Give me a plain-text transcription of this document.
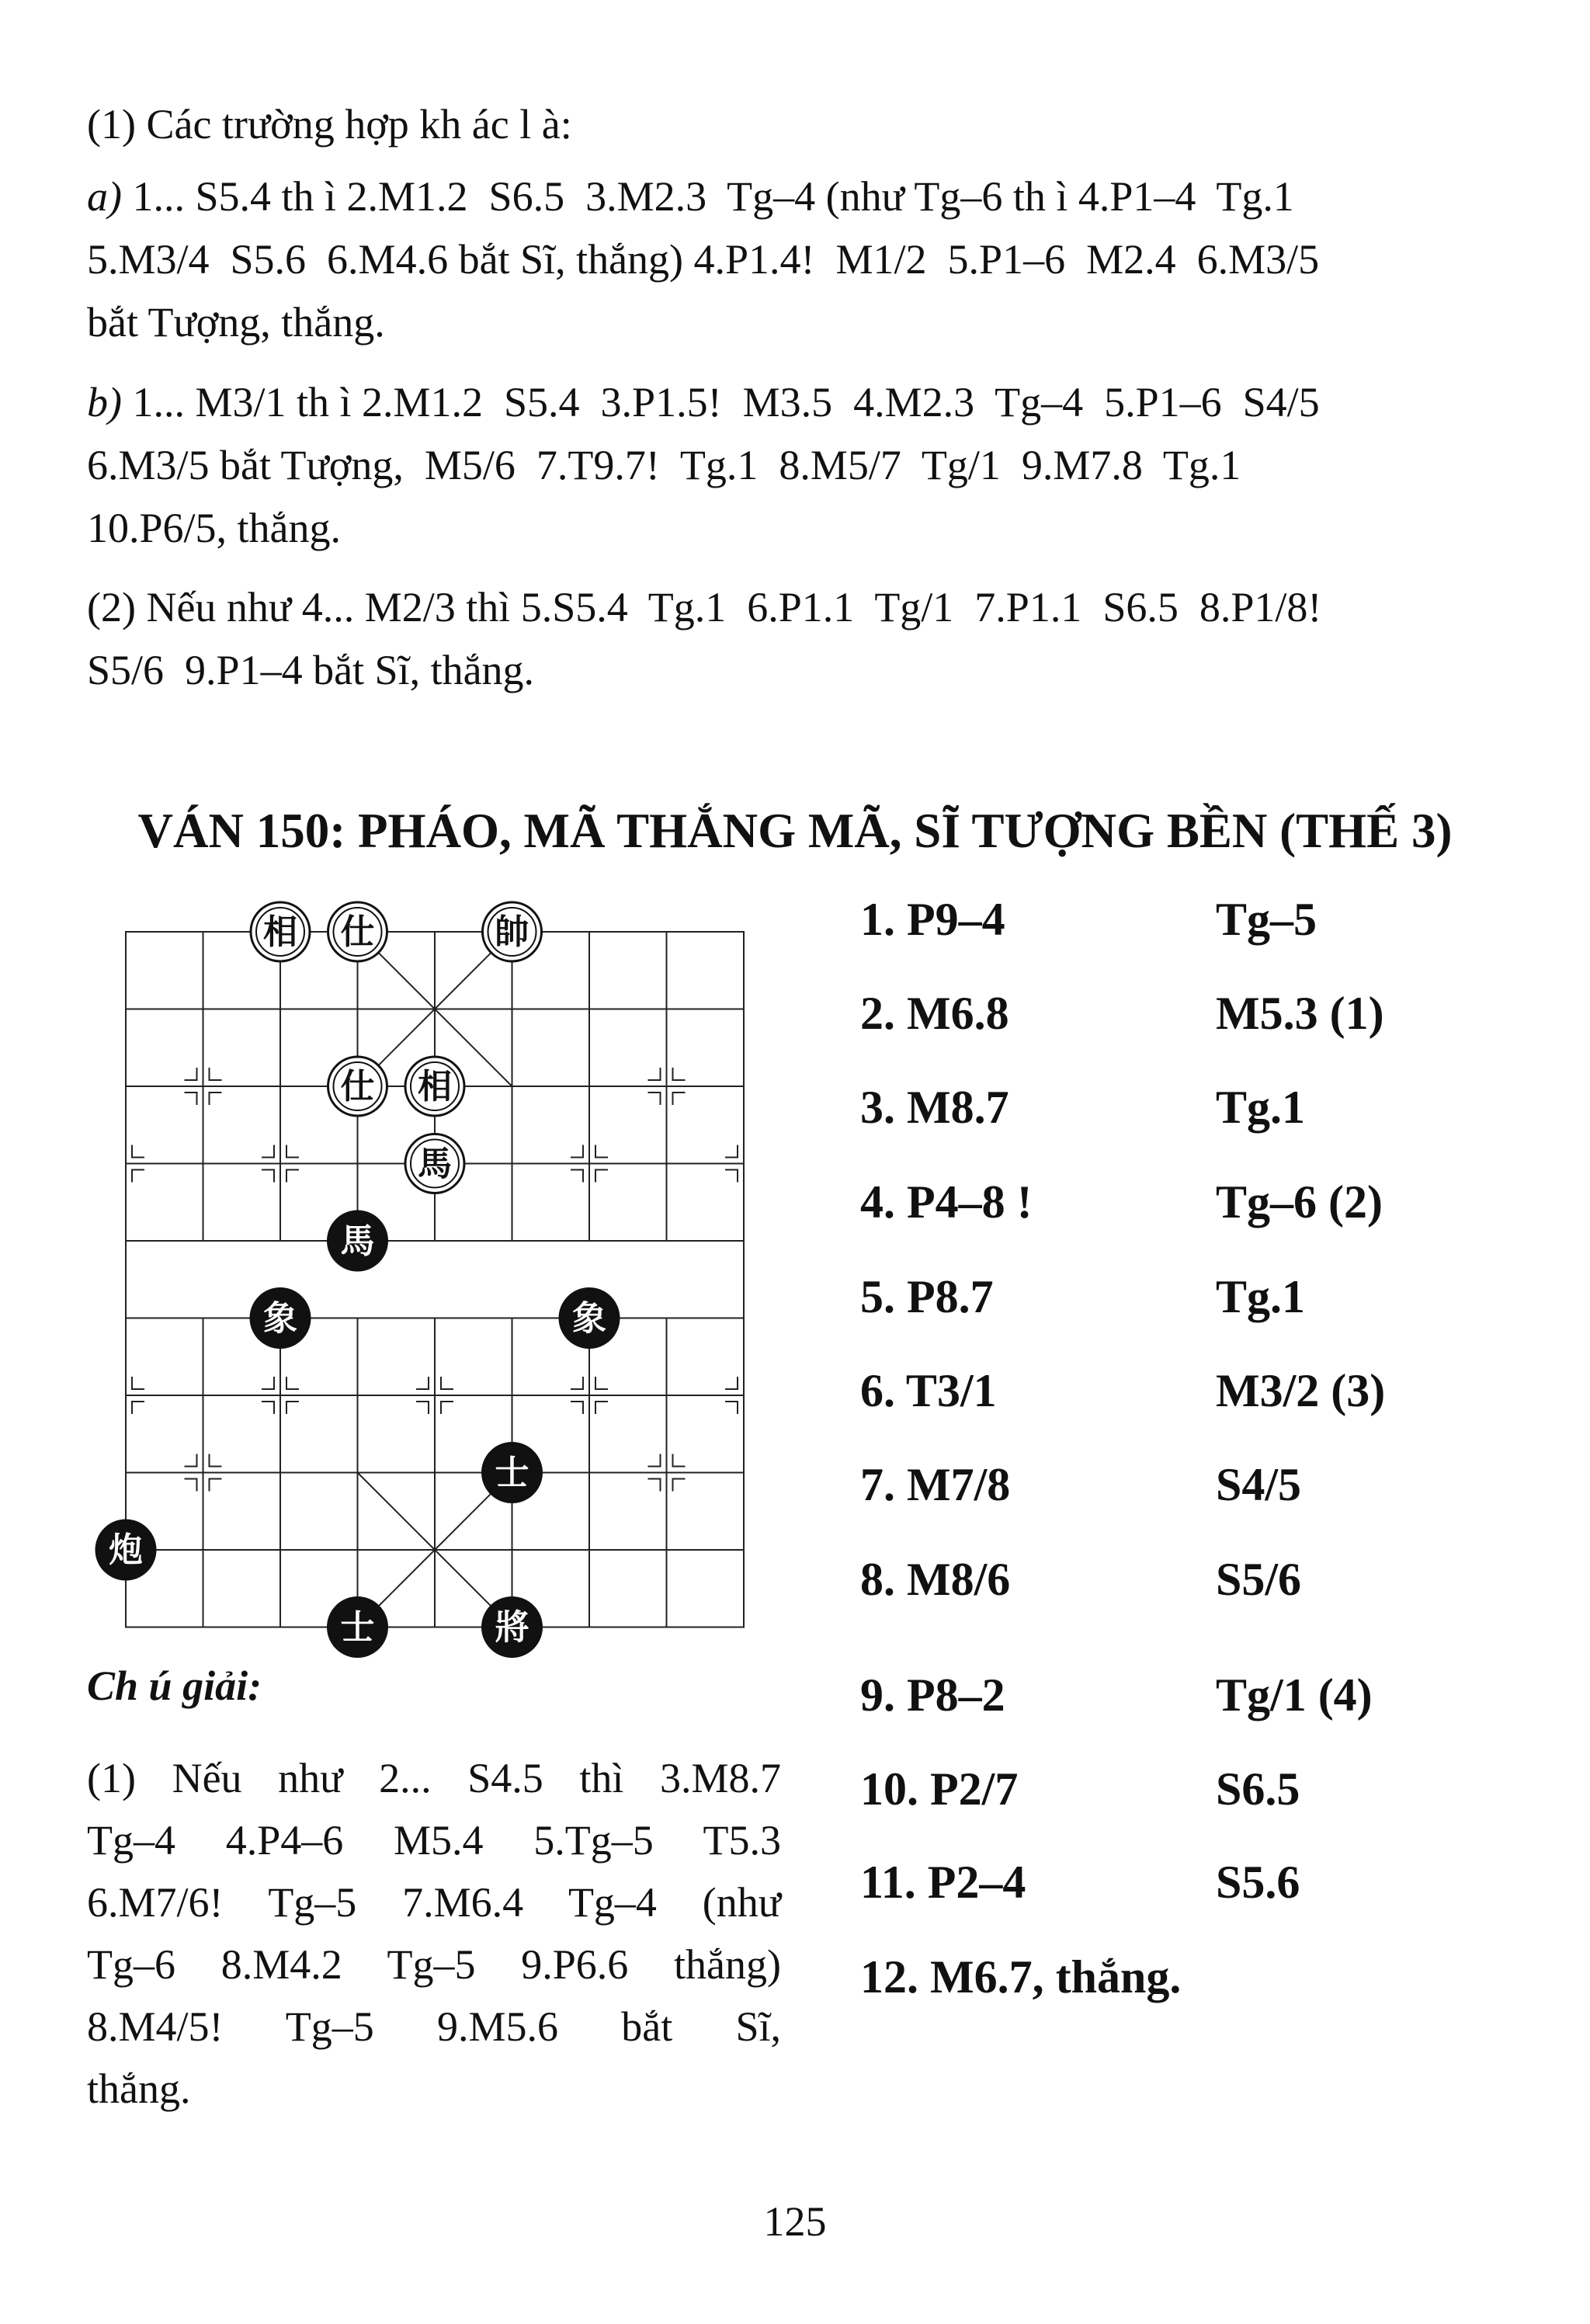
(1) Các trường hợp kh ác l à:
a) 1... S5.4 th ì 2.M1.2  S6.5  3.M2.3  Tg–4 (như Tg–6 th ì 4.P1–4  Tg.1
5.M3/4  S5.6  6.M4.6 bắt Sĩ, thắng) 4.P1.4!  M1/2  5.P1–6  M2.4  6.M3/5
bắt Tượng, thắng.
b) 1... M3/1 th ì 2.M1.2  S5.4  3.P1.5!  M3.5  4.M2.3  Tg–4  5.P1–6  S4/5
6.M3/5 bắt Tượng,  M5/6  7.T9.7!  Tg.1  8.M5/7  Tg/1  9.M7.8  Tg.1
10.P6/5, thắng.
(2) Nếu như 4... M2/3 thì 5.S5.4  Tg.1  6.P1.1  Tg/1  7.P1.1  S6.5  8.P1/8!
S5/6  9.P1–4 bắt Sĩ, thắng.
VÁN 150: PHÁO, MÃ THẮNG MÃ, SĨ TƯỢNG BỀN (THẾ 3)
相 仕	帥
仕 相
馬
馬
象	象
士
炮
士	將
1. P9–4	Tg–5
2. M6.8	M5.3 (1)
3. M8.7	Tg.1
4. P4–8 !	Tg–6 (2)
5. P8.7	Tg.1
6. T3/1	M3/2 (3)
7. M7/8	S4/5
8. M8/6	S5/6
9. P8–2	Tg/1 (4)
10. P2/7	S6.5
11. P2–4	S5.6
12. M6.7, thắng.

Ch ú giải:

(1) Nếu như 2... S4.5 thì 3.M8.7

Tg–4 4.P4–6 M5.4 5.Tg–5 T5.3

6.M7/6! Tg–5 7.M6.4 Tg–4 (như

Tg–6 8.M4.2 Tg–5 9.P6.6 thắng)

8.M4/5! Tg–5 9.M5.6 bắt Sĩ,

thắng.

125
